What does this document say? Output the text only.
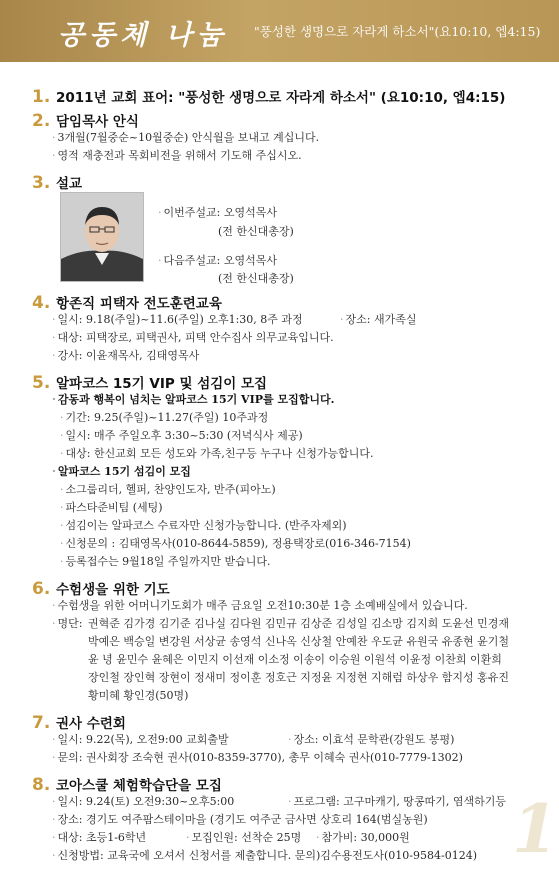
공동체 나눔 "풍성한 생명으로 자라게 하소서"(요10:10, 엡4:15)
1. 2011년 교회 표어: "풍성한 생명으로 자라게 하소서" (요10:10, 엡4:15)
2. 담임목사 안식
· 3개월(7월중순~10월중순) 안식월을 보내고 계십니다.
· 영적 재충전과 목회비전을 위해서 기도해 주십시오.
3. 설교
· 이번주설교: 오영석목사
(전 한신대총장)
· 다음주설교: 오영석목사
(전 한신대총장)
4. 항존직 피택자 전도훈련교육
· 일시: 9.18(주일)~11.6(주일) 오후1:30, 8주 과정	· 장소: 새가족실
· 대상: 피택장로, 피택권사, 피택 안수집사 의무교육입니다.
· 강사: 이윤재목사, 김태영목사
5. 알파코스 15기 VIP 및 섬김이 모집
· 감동과 행복이 넘치는 알파코스 15기 VIP를 모집합니다.
· 기간: 9.25(주일)~11.27(주일) 10주과정
· 일시: 매주 주일오후 3:30~5:30 (저녁식사 제공)
· 대상: 한신교회 모든 성도와 가족,친구등 누구나 신청가능합니다.
· 알파코스 15기 섬김이 모집
· 소그룹리더, 헬퍼, 찬양인도자, 반주(피아노)
· 파스타준비팀 (세팅)
· 섬김이는 알파코스 수료자만 신청가능합니다. (반주자제외)
· 신청문의 : 김태영목사(010-8644-5859), 정용택장로(016-346-7154)
· 등록접수는 9월18일 주일까지만 받습니다.
6. 수험생을 위한 기도
· 수험생을 위한 어머니기도회가 매주 금요일 오전10:30분 1층 소예배실에서 있습니다.
· 명단: 권혁준 김가경 김기준 김나실 김다원 김민규 김상준 김성일 김소망 김지희 도윤선 민경재
박예은 백승일 변강원 서상균 송영석 신나옥 신상철 안예찬 우도균 유원국 유종현 윤기철
윤 녕 윤민수 윤혜은 이민지 이선재 이소정 이송이 이승원 이원석 이윤정 이찬희 이환희
장인철 장인혁 장현이 정새미 정이훈 정호근 지정윤 지정현 지해럼 하상우 함지성 홍유진
황미혜 황인경(50명)
7. 권사 수련회
· 일시: 9.22(목), 오전9:00 교회출발	· 장소: 이효석 문학관(강원도 봉평)
· 문의: 권사회장 조숙현 권사(010-8359-3770), 총무 이혜숙 권사(010-7779-1302)
8. 코아스쿨 체험학습단을 모집
· 일시: 9.24(토) 오전9:30~오후5:00	· 프로그램: 고구마캐기, 땅콩따기, 염색하기등
· 장소: 경기도 여주팜스테이마을 (경기도 여주군 금사면 상호리 164(범실농원)
· 대상: 초등1-6학년	· 모집인원: 선착순 25명 · 참가비: 30,000원
· 신청방법: 교육국에 오셔서 신청서를 제출합니다. 문의)김수용전도사(010-9584-0124) 1
